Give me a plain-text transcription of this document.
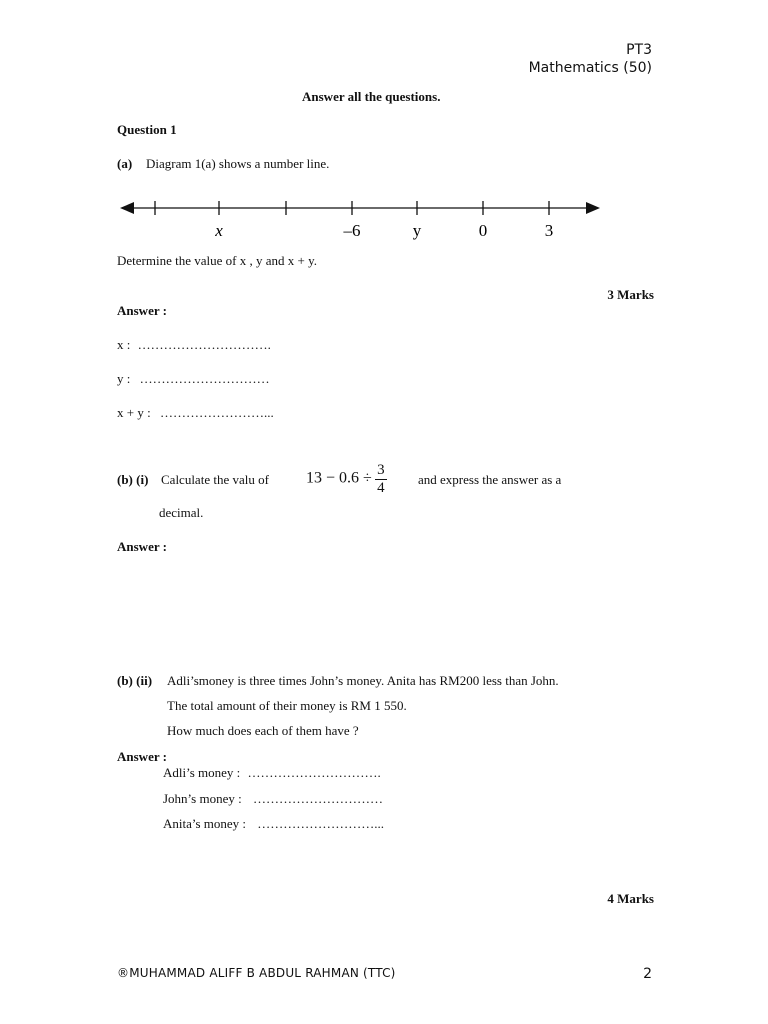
PT3
Mathematics (50)
Answer all the questions.
Question 1
(a) Diagram 1(a) shows a number line.
x	–6	y	0	3
Determine the value of x , y and x + y.
3 Marks
Answer :
x : ………………………….
y : …………………………
x + y : ……………………...
(b) (i) Calculate the valu of $13 - 0.6 \div \frac{3}{4}$ and express the answer as a
decimal.
Answer :
(b) (ii) Adli’smoney is three times John’s money. Anita has RM200 less than John.
The total amount of their money is RM 1 550.
How much does each of them have ?
Answer :
Adli’s money : ………………………….
John’s money : …………………………
Anita’s money : ………………………...
4 Marks
®MUHAMMAD ALIFF B ABDUL RAHMAN (TTC)	2
